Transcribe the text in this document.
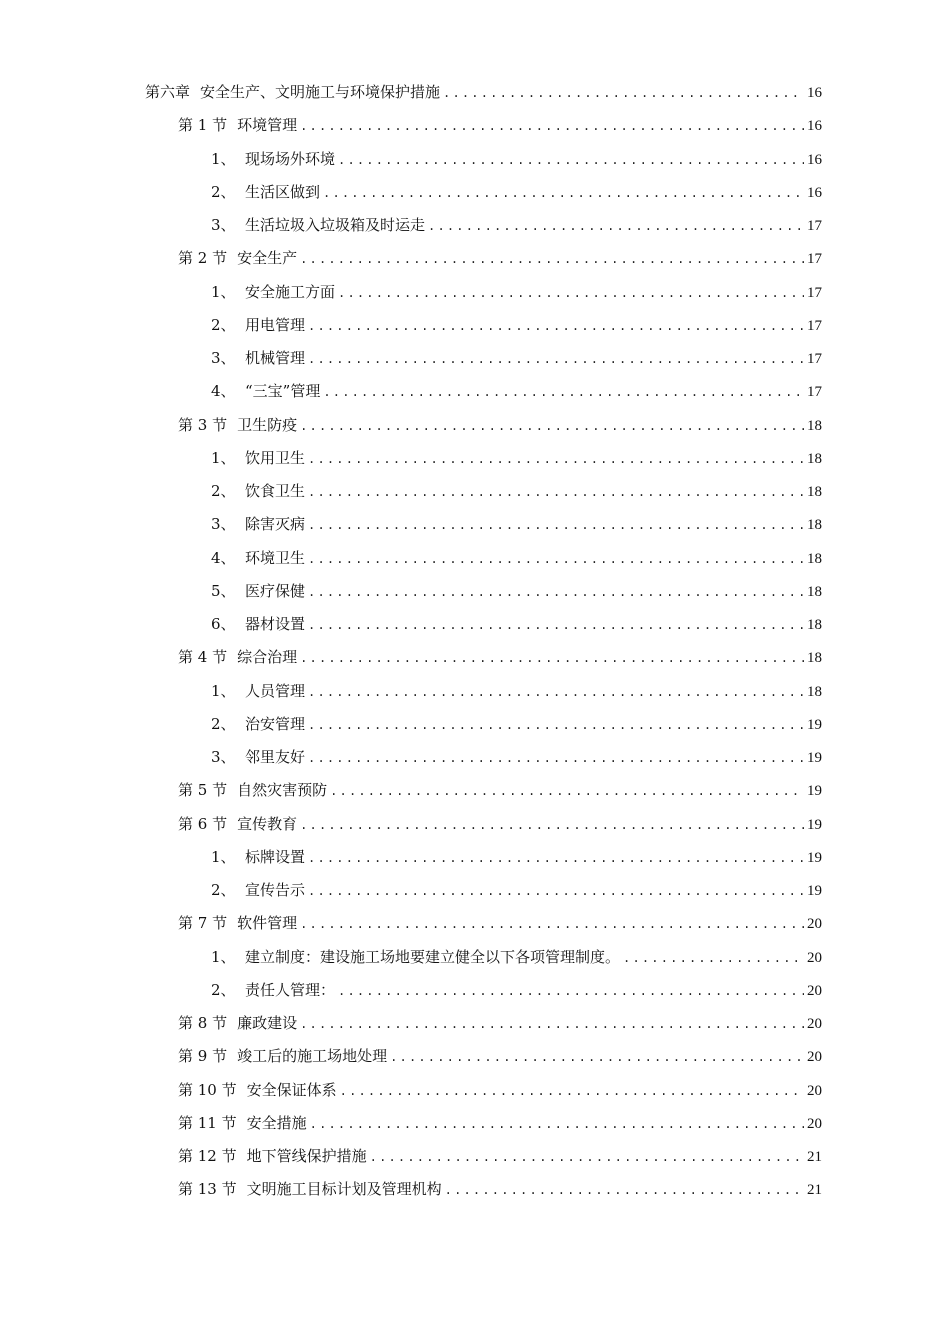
第六章 安全生产、文明施工与环境保护措施 .....	16
第 1 节 环境管理 .....	16
1、 现场场外环境 .....	16
2、 生活区做到 .....	16
3、 生活垃圾入垃圾箱及时运走 .....	17
第 2 节 安全生产 .....	17
1、 安全施工方面 .....	17
2、 用电管理 .....	17
3、 机械管理 .....	17
4、 “三宝”管理 .....	17
第 3 节 卫生防疫 .....	18
1、 饮用卫生 .....	18
2、 饮食卫生 .....	18
3、 除害灭病 .....	18
4、 环境卫生 .....	18
5、 医疗保健 .....	18
6、 器材设置 .....	18
第 4 节 综合治理 .....	18
1、 人员管理 .....	18
2、 治安管理 .....	19
3、 邻里友好 .....	19
第 5 节 自然灾害预防 .....	19
第 6 节 宣传教育 .....	19
1、 标牌设置 .....	19
2、 宣传告示 .....	19
第 7 节 软件管理 .....	20
1、 建立制度：建设施工场地要建立健全以下各项管理制度。 .....	20
2、 责任人管理： .....	20
第 8 节 廉政建设 .....	20
第 9 节 竣工后的施工场地处理 .....	20
第 10 节 安全保证体系 .....	20
第 11 节 安全措施 .....	20
第 12 节 地下管线保护措施 .....	21
第 13 节 文明施工目标计划及管理机构 .....	21
